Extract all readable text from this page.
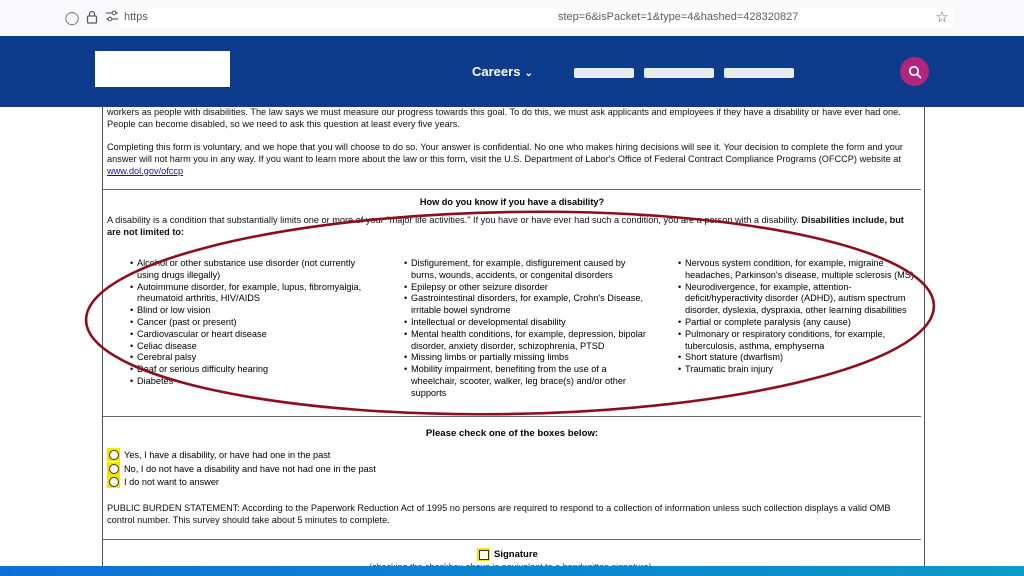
◯	https	step=6&isPacket=1&type=4&hashed=428320827	☆
Careers ⌄

workers as people with disabilities. The law says we must measure our progress towards this goal. To do this, we must ask applicants and employees if they have a disability or have ever had one. People can become disabled, so we need to ask this question at least every five years.

Completing this form is voluntary, and we hope that you will choose to do so. Your answer is confidential. No one who makes hiring decisions will see it. Your decision to complete the form and your answer will not harm you in any way. If you want to learn more about the law or this form, visit the U.S. Department of Labor's Office of Federal Contract Compliance Programs (OFCCP) website at www.dol.gov/ofccp

How do you know if you have a disability?

A disability is a condition that substantially limits one or more of your "major life activities." If you have or have ever had such a condition, you are a person with a disability. Disabilities include, but are not limited to:

• Alcohol or other substance use disorder (not currently using drugs illegally)
• Autoimmune disorder, for example, lupus, fibromyalgia, rheumatoid arthritis, HIV/AIDS
• Blind or low vision
• Cancer (past or present)
• Cardiovascular or heart disease
• Celiac disease
• Cerebral palsy
• Deaf or serious difficulty hearing
• Diabetes
• Disfigurement, for example, disfigurement caused by burns, wounds, accidents, or congenital disorders
• Epilepsy or other seizure disorder
• Gastrointestinal disorders, for example, Crohn's Disease, irritable bowel syndrome
• Intellectual or developmental disability
• Mental health conditions, for example, depression, bipolar disorder, anxiety disorder, schizophrenia, PTSD
• Missing limbs or partially missing limbs
• Mobility impairment, benefiting from the use of a wheelchair, scooter, walker, leg brace(s) and/or other supports
• Nervous system condition, for example, migraine headaches, Parkinson's disease, multiple sclerosis (MS)
• Neurodivergence, for example, attention-deficit/hyperactivity disorder (ADHD), autism spectrum disorder, dyslexia, dyspraxia, other learning disabilities
• Partial or complete paralysis (any cause)
• Pulmonary or respiratory conditions, for example, tuberculosis, asthma, emphysema
• Short stature (dwarfism)
• Traumatic brain injury
Please check one of the boxes below:
Yes, I have a disability, or have had one in the past
No, I do not have a disability and have not had one in the past
I do not want to answer

PUBLIC BURDEN STATEMENT: According to the Paperwork Reduction Act of 1995 no persons are required to respond to a collection of information unless such collection displays a valid OMB control number. This survey should take about 5 minutes to complete.

Signature
